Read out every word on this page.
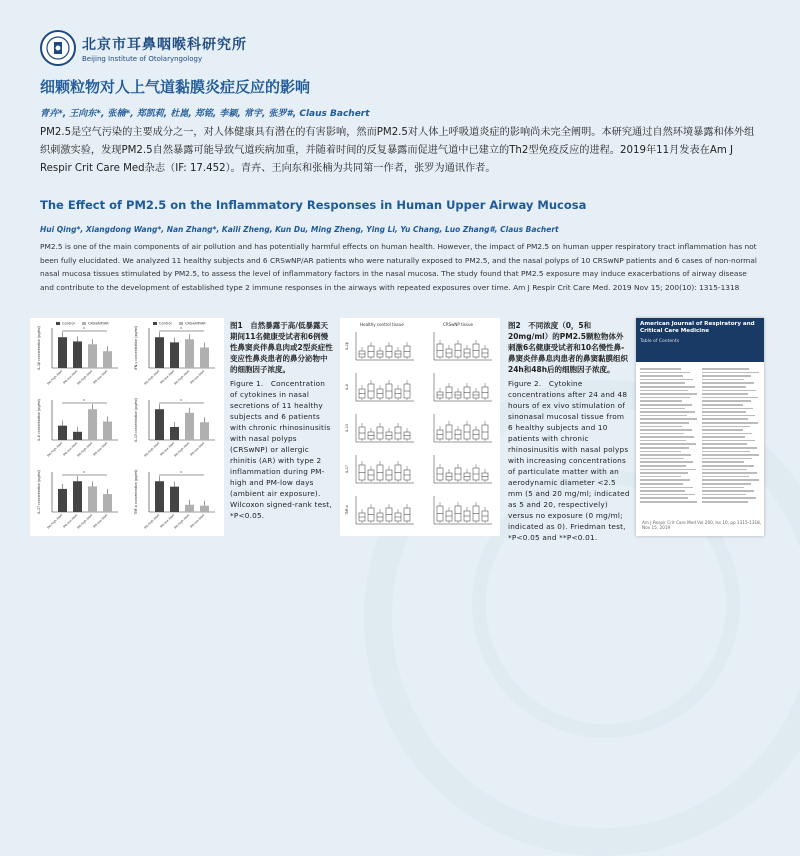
北京市耳鼻咽喉科研究所
Beijing Institute of Otolaryngology
细颗粒物对人上气道黏膜炎症反应的影响
青卉*, 王向东*, 张楠*, 郑凯莉, 杜崑, 郑铭, 李颖, 常宇, 张罗#, Claus Bachert
PM2.5是空气污染的主要成分之一，对人体健康具有潜在的有害影响，然而PM2.5对人体上呼吸道炎症的影响尚未完全阐明。本研究通过自然环境暴露和体外组织刺激实验，发现PM2.5自然暴露可能导致气道疾病加重，并随着时间的反复暴露而促进气道中已建立的Th2型免疫反应的进程。2019年11月发表在Am J Respir Crit Care Med杂志（IF: 17.452）。青卉、王向东和张楠为共同第一作者，张罗为通讯作者。
The Effect of PM2.5 on the Inflammatory Responses in Human Upper Airway Mucosa
Hui Qing*, Xiangdong Wang*, Nan Zhang*, Kaili Zheng, Kun Du, Ming Zheng, Ying Li, Yu Chang, Luo Zhang#, Claus Bachert
PM2.5 is one of the main components of air pollution and has potentially harmful effects on human health. However, the impact of PM2.5 on human upper respiratory tract inflammation has not been fully elucidated. We analyzed 11 healthy subjects and 6 CRSwNP/AR patients who were naturally exposed to PM2.5, and the nasal polyps of 10 CRSwNP patients and 6 cases of non-normal nasal mucosa tissues stimulated by PM2.5, to assess the level of inflammatory factors in the nasal mucosa. The study found that PM2.5 exposure may induce exacerbations of airway disease and contribute to the development of established type 2 immune responses in the airways with repeated exposures over time. Am J Respir Crit Care Med. 2019 Nov 15; 200(10): 1315-1318
Control	CRSwNP/AR
IL-1β concentration (pg/ml)
PM-high days
PM-low days
PM-high days
PM-low days
*
Control	CRSwNP/AR
IFN-γ concentration (pg/ml)
PM-high days
PM-low days
PM-high days
PM-low days
*
IL-6 concentration (pg/ml)
PM-high days
PM-low days
PM-high days
PM-low days
*	IL-13 concentration (pg/ml)
PM-high days
PM-low days
PM-high days
PM-low days
*
IL-17 concentration (pg/ml)
PM-high days
PM-low days
PM-high days
PM-low days
*	TNF-α concentration (pg/ml)
PM-high days
PM-low days
PM-high days
PM-low days
*
图1　自然暴露于高/低暴露天期间11名健康受试者和6例慢性鼻窦炎伴鼻息肉或2型炎症性变应性鼻炎患者的鼻分泌物中的细胞因子浓度。
Figure 1.　Concentration of cytokines in nasal secretions of 11 healthy subjects and 6 patients with chronic rhinosinusitis with nasal polyps (CRSwNP) or allergic rhinitis (AR) with type 2 inflammation during PM-high and PM-low days (ambient air exposure). Wilcoxon signed-rank test, *P<0.05.
Healthy control tissue	CRSwNP tissue
IL-1β
IL-6
IL-13
IL-17
TNF-α
图2　不同浓度（0，5和20mg/ml）的PM2.5颗粒物体外刺激6名健康受试者和10名慢性鼻-鼻窦炎伴鼻息肉患者的鼻窦黏膜组织24h和48h后的细胞因子浓度。
Figure 2.　Cytokine concentrations after 24 and 48 hours of ex vivo stimulation of sinonasal mucosal tissue from 6 healthy subjects and 10 patients with chronic rhinosinusitis with nasal polyps with increasing concentrations of particulate matter with an aerodynamic diameter <2.5 mm (5 and 20 mg/ml; indicated as 5 and 20, respectively) versus no exposure (0 mg/ml; indicated as 0). Friedman test, *P<0.05 and **P<0.01.
American Journal of Respiratory and Critical Care Medicine
Table of Contents
Am J Respir Crit Care Med Vol 200, Iss 10, pp 1315-1318, Nov 15, 2019
